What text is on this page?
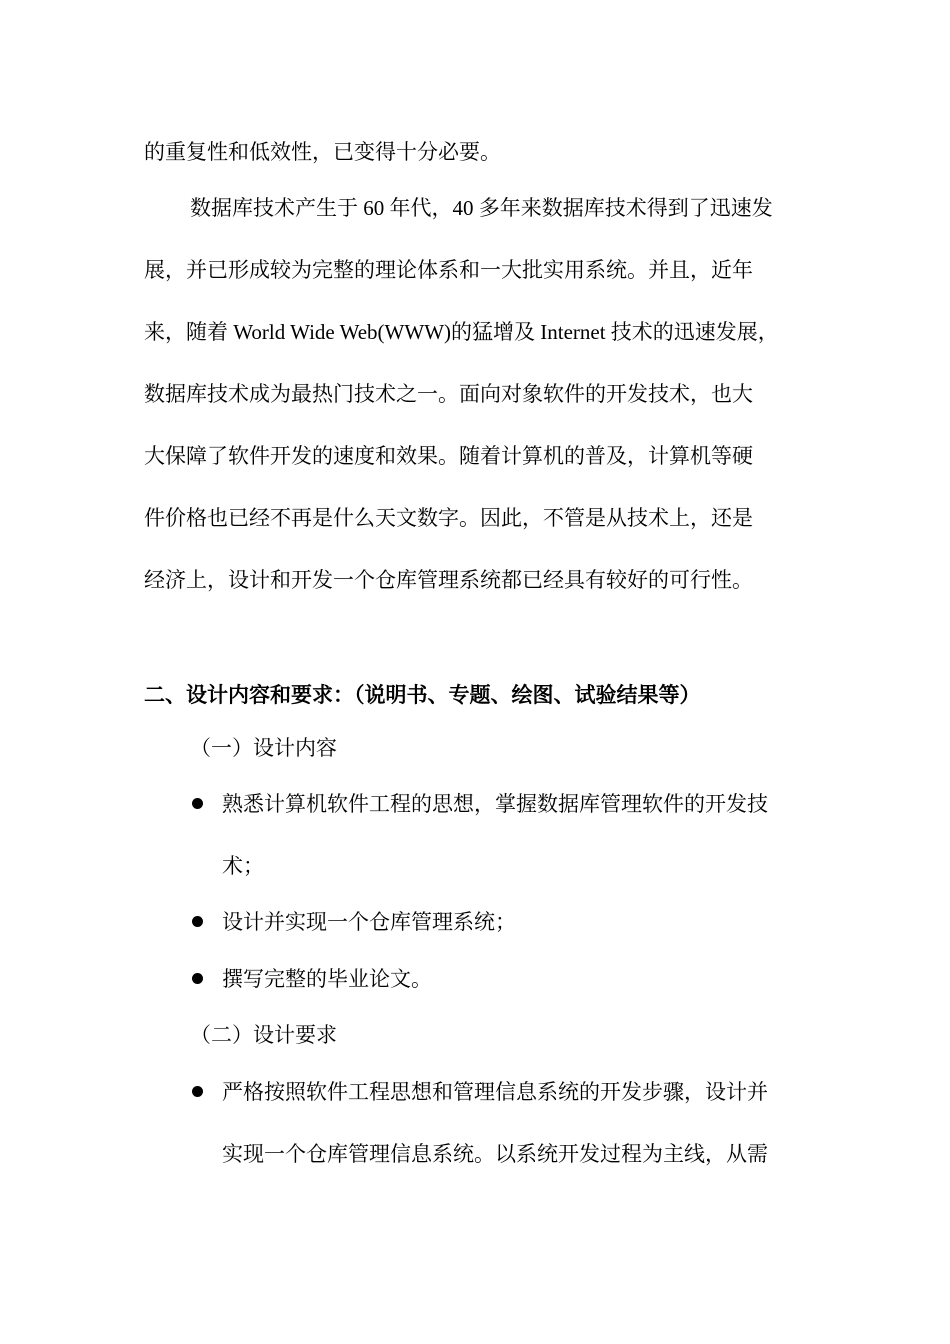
的重复性和低效性，已变得十分必要。
数据库技术产生于 60 年代，40 多年来数据库技术得到了迅速发
展，并已形成较为完整的理论体系和一大批实用系统。并且，近年
来，随着 World Wide Web(WWW)的猛增及 Internet 技术的迅速发展，
数据库技术成为最热门技术之一。面向对象软件的开发技术，也大
大保障了软件开发的速度和效果。随着计算机的普及，计算机等硬
件价格也已经不再是什么天文数字。因此，不管是从技术上，还是
经济上，设计和开发一个仓库管理系统都已经具有较好的可行性。
二、设计内容和要求：（说明书、专题、绘图、试验结果等）
（一）设计内容
熟悉计算机软件工程的思想，掌握数据库管理软件的开发技
术；
设计并实现一个仓库管理系统；
撰写完整的毕业论文。
（二）设计要求
严格按照软件工程思想和管理信息系统的开发步骤，设计并
实现一个仓库管理信息系统。以系统开发过程为主线，从需
